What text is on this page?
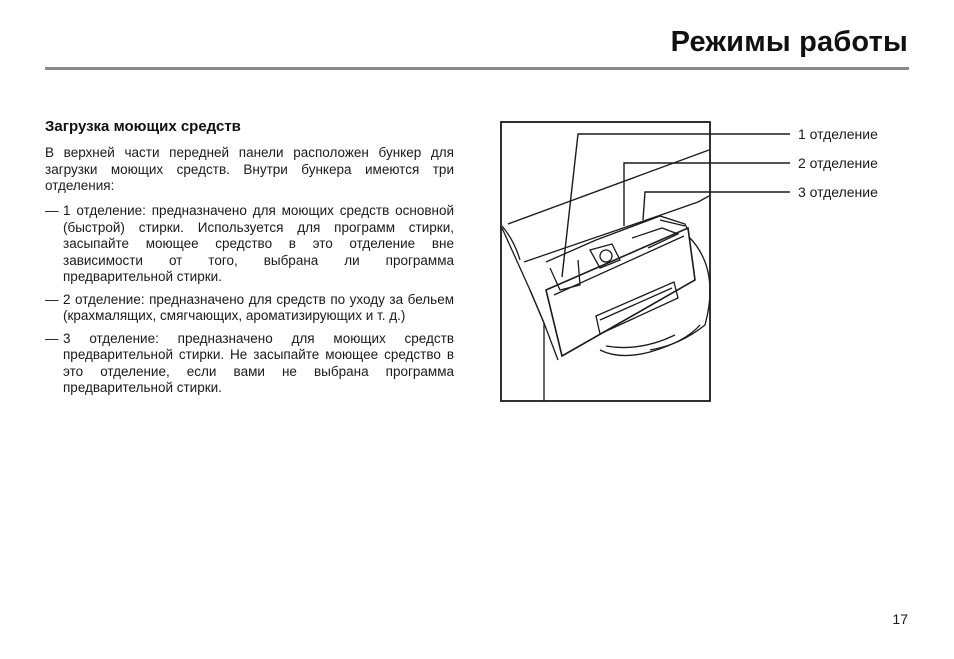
Режимы работы
Загрузка моющих средств

В верхней части передней панели расположен бункер для загрузки моющих средств. Внутри бункера имеются три отделения:

— 1 отделение: предназначено для моющих средств основной (быстрой) стирки. Используется для программ стирки, засыпайте моющее средство в это отделение вне зависимости от того, выбрана ли программа предварительной стирки.
— 2 отделение: предназначено для средств по уходу за бельем (крахмалящих, смягчающих, ароматизирующих и т. д.)
— 3 отделение: предназначено для моющих средств предварительной стирки. Не засыпайте моющее средство в это отделение, если вами не выбрана программа предварительной стирки.
1 отделение
2 отделение
3 отделение
17
